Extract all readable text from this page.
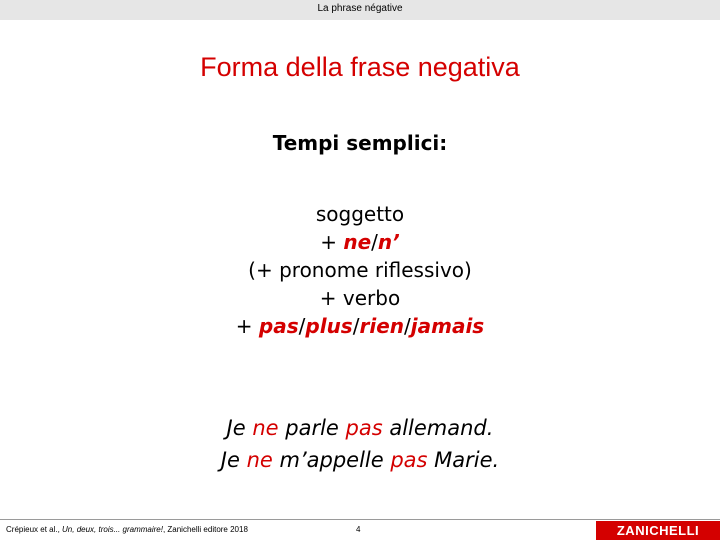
La phrase négative
Forma della frase negativa
Tempi semplici:
soggetto
+ ne/n’
(+ pronome riflessivo)
+ verbo
+ pas/plus/rien/jamais
Je ne parle pas allemand.
Je ne m’appelle pas Marie.
Crépieux et al., Un, deux, trois... grammaire!, Zanichelli editore 2018	4	ZANICHELLI
